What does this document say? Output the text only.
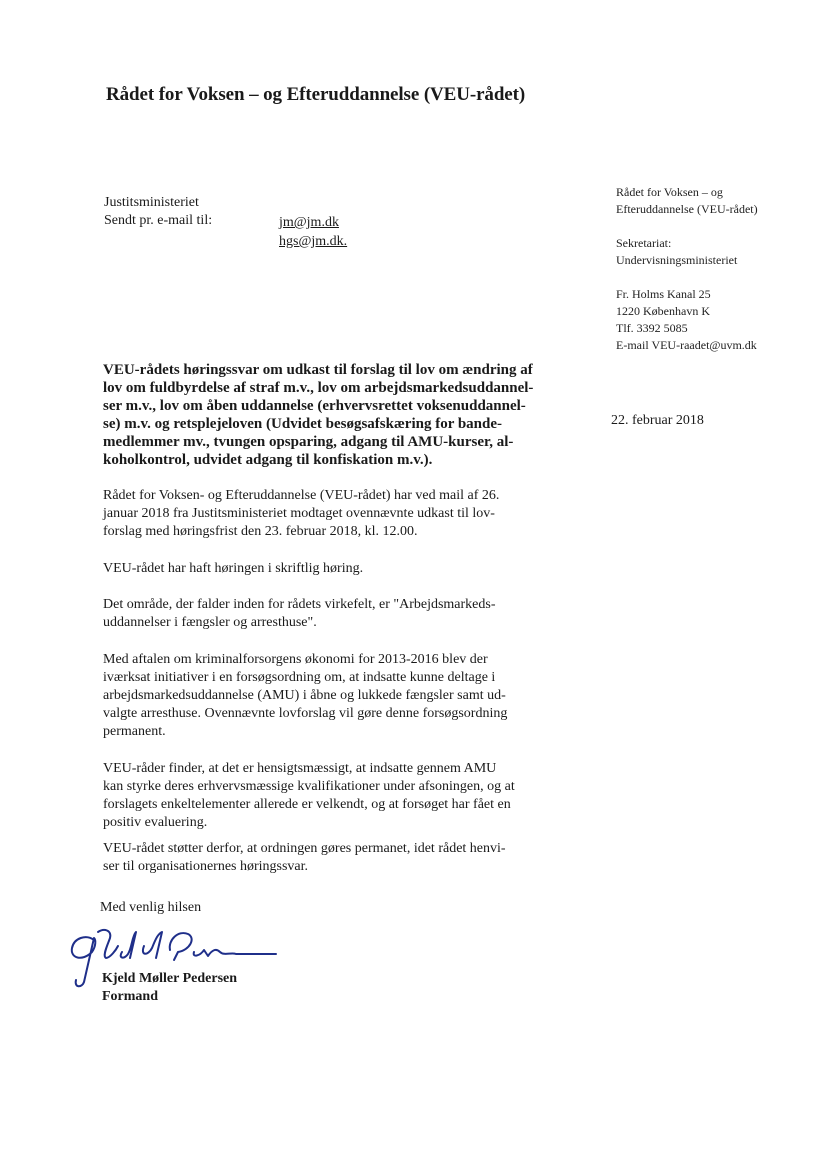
Rådet for Voksen – og Efteruddannelse (VEU-rådet)
Justitsministeriet
Sendt pr. e-mail til:	jm@jm.dk
hgs@jm.dk.
Rådet for Voksen – og
Efteruddannelse (VEU-rådet)
Sekretariat:
Undervisningsministeriet
Fr. Holms Kanal 25
1220 København K
Tlf. 3392 5085
E-mail VEU-raadet@uvm.dk
22. februar 2018
VEU-rådets høringssvar om udkast til forslag til lov om ændring af
lov om fuldbyrdelse af straf m.v., lov om arbejdsmarkedsuddannel-
ser m.v., lov om åben uddannelse (erhvervsrettet voksenuddannel-
se) m.v. og retsplejeloven (Udvidet besøgsafskæring for bande-
medlemmer mv., tvungen opsparing, adgang til AMU-kurser, al-
koholkontrol, udvidet adgang til konfiskation m.v.).
Rådet for Voksen- og Efteruddannelse (VEU-rådet) har ved mail af 26.
januar 2018 fra Justitsministeriet modtaget ovennævnte udkast til lov-
forslag med høringsfrist den 23. februar 2018, kl. 12.00.
VEU-rådet har haft høringen i skriftlig høring.
Det område, der falder inden for rådets virkefelt, er "Arbejdsmarkeds-
uddannelser i fængsler og arresthuse".
Med aftalen om kriminalforsorgens økonomi for 2013-2016 blev der
iværksat initiativer i en forsøgsordning om, at indsatte kunne deltage i
arbejdsmarkedsuddannelse (AMU) i åbne og lukkede fængsler samt ud-
valgte arresthuse. Ovennævnte lovforslag vil gøre denne forsøgsordning
permanent.
VEU-råder finder, at det er hensigtsmæssigt, at indsatte gennem AMU
kan styrke deres erhvervsmæssige kvalifikationer under afsoningen, og at
forslagets enkeltelementer allerede er velkendt, og at forsøget har fået en
positiv evaluering.
VEU-rådet støtter derfor, at ordningen gøres permanet, idet rådet henvi-
ser til organisationernes høringssvar.
Med venlig hilsen
Kjeld Møller Pedersen
Formand
